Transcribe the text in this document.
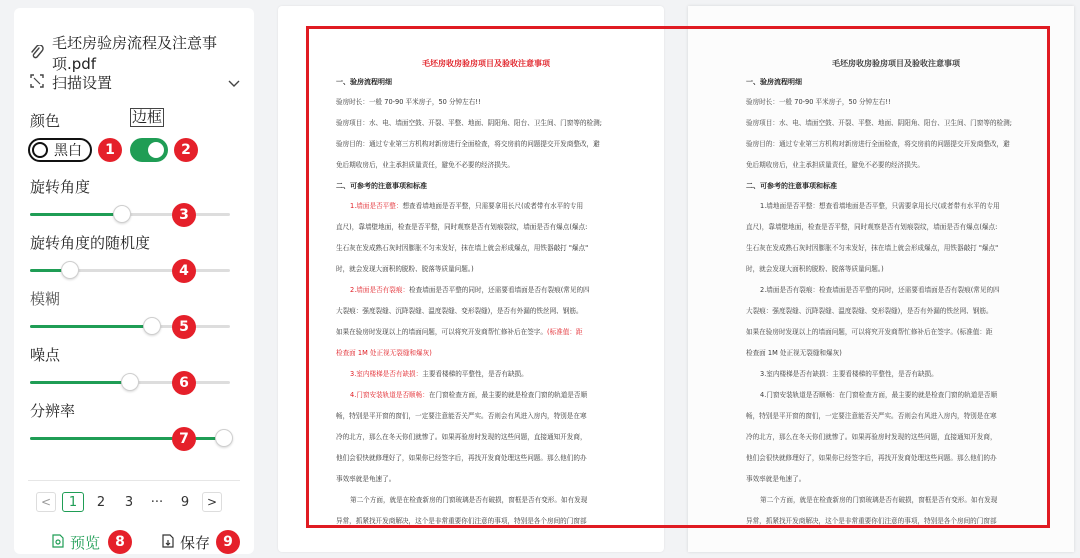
毛坯房验房流程及注意事项.pdf
扫描设置
颜色	边框
黑白	1	2
旋转角度
3
旋转角度的随机度
4
模糊
5
噪点
6
分辨率
7
<	1	2	3	···	9	>
预览	8	保存 9

毛坯房收房验房项目及验收注意事项

一、验房流程明细

验房时长：一般 70-90 平米房子，50 分钟左右!!

验房项目：水、电、墙面空鼓、开裂、平整、地面、阴阳角、阳台、卫生间、门窗等的检测;

验房目的：通过专业第三方机构对新房进行全面检查，将交房前的问题提交开发商整改，避

免后期收房后，业主承担质量责任，避免不必要的经济损失。

二、可参考的注意事项和标准

1.墙面是否平整：想查看墙地面是否平整，只需要拿用长尺(或者带有水平的专用

直尺)，靠墙壁地面，检查是否平整，同时观察是否有划痕裂纹，墙面是否有爆点(爆点:

生石灰在发成熟石灰时因膨胀不匀未发好，抹在墙上就会形成爆点，用铁器敲打 "爆点"

时，就会发现大面积的脱粉、脱落等质量问题。)

2.墙面是否有裂痕：检查墙面是否平整的同时，还需要看墙面是否有裂痕(常见的四

大裂痕：强度裂缝、沉降裂缝、温度裂缝、变形裂缝)，是否有外漏的铁丝网、钢筋。

如果在验房时发现以上的墙面问题，可以将究开发商帮忙修补后在签字。(标准值：距

检查面 1M 处正视无裂缝和爆灰)

3.室内楼梯是否有缺损：主要看楼梯的平整性，是否有缺损。

4.门窗安装轨道是否顺畅：在门窗检查方面，最主要的就是检查门窗的轨道是否顺

畅，特别是平开窗的窗们，一定要注意能否关严实。否则会有风进入房内，特别是在寒

冷的北方，那么在冬天你们就惨了。如果再验房时发现的这些问题，直接通知开发商，

他们会很快就修理好了，如果你已经签字后，再找开发商处理这些问题。那么他们的办

事效率就是龟速了。

第二个方面，就是在检查新房的门窗玻璃是否有破损，窗框是否有变形。如有发现

异常，抓紧找开发商解决，这个是非常重要你们注意的事项，特别是各个房间的门窗部

毛坯房收房验房项目及验收注意事项

一、验房流程明细

验房时长：一般 70-90 平米房子，50 分钟左右!!

验房项目：水、电、墙面空鼓、开裂、平整、地面、阴阳角、阳台、卫生间、门窗等的检测;

验房目的：通过专业第三方机构对新房进行全面检查，将交房前的问题提交开发商整改，避

免后期收房后，业主承担质量责任，避免不必要的经济损失。

二、可参考的注意事项和标准

1.墙地面是否平整：想查看墙地面是否平整，只需要拿用长尺(或者带有水平的专用

直尺)，靠墙壁地面，检查是否平整，同时观察是否有划痕裂纹，墙面是否有爆点(爆点:

生石灰在发成熟石灰时因膨胀不匀未发好，抹在墙上就会形成爆点，用铁器敲打 "爆点"

时，就会发现大面积的脱粉、脱落等质量问题。)

2.墙面是否有裂痕：检查墙面是否平整的同时，还需要看墙面是否有裂痕(常见的四

大裂痕：强度裂缝、沉降裂缝、温度裂缝、变形裂缝)，是否有外漏的铁丝网、钢筋。

如果在验房时发现以上的墙面问题，可以将究开发商帮忙修补后在签字。(标准值：距

检查面 1M 处正视无裂缝和爆灰)

3.室内楼梯是否有缺损：主要看楼梯的平整性，是否有缺损。

4.门窗安装轨道是否顺畅：在门窗检查方面，最主要的就是检查门窗的轨道是否顺

畅，特别是平开窗的窗们，一定要注意能否关严实。否则会有风进入房内，特别是在寒

冷的北方，那么在冬天你们就惨了。如果再验房时发现的这些问题，直接通知开发商，

他们会很快就修理好了，如果你已经签字后，再找开发商处理这些问题。那么他们的办

事效率就是龟速了。

第二个方面，就是在检查新房的门窗玻璃是否有破损，窗框是否有变形。如有发现

异常，抓紧找开发商解决，这个是非常重要你们注意的事项，特别是各个房间的门窗部
